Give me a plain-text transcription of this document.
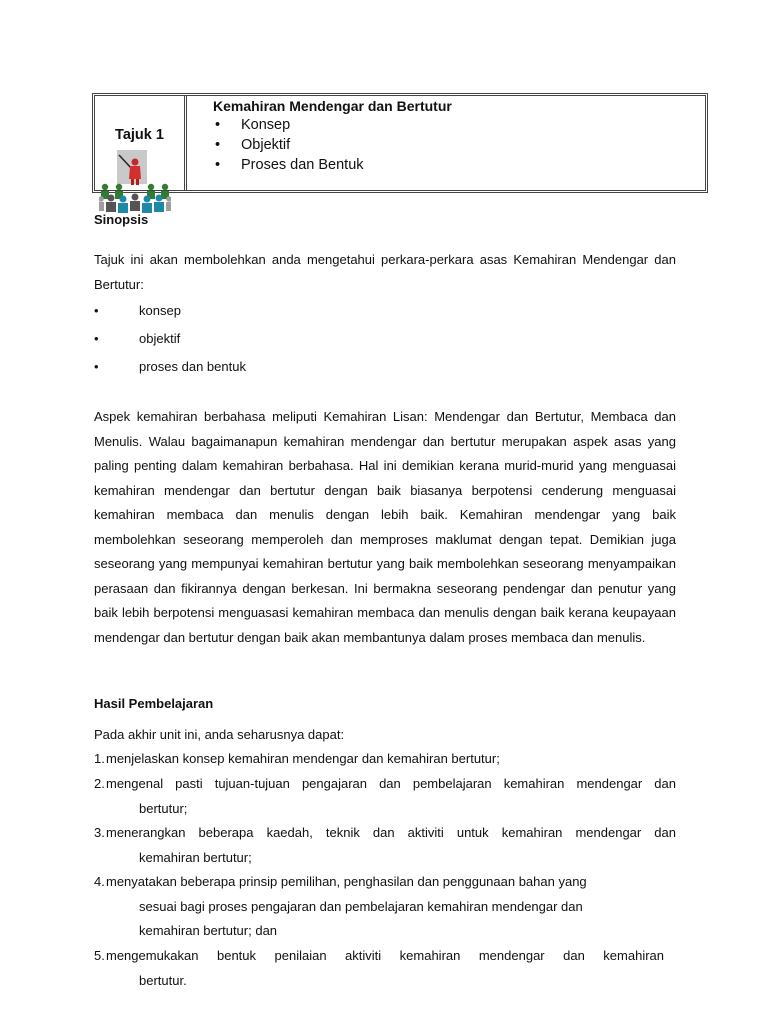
Tajuk 1
Kemahiran Mendengar dan Bertutur
• Konsep
• Objektif
• Proses dan Bentuk
Sinopsis

Tajuk ini akan membolehkan anda mengetahui perkara-perkara asas Kemahiran Mendengar dan Bertutur:

•	konsep
•	objektif
•	proses dan bentuk

Aspek kemahiran berbahasa meliputi Kemahiran Lisan: Mendengar dan Bertutur, Membaca dan Menulis. Walau bagaimanapun kemahiran mendengar dan bertutur merupakan aspek asas yang paling penting dalam kemahiran berbahasa. Hal ini demikian kerana murid-murid yang menguasai kemahiran mendengar dan bertutur dengan baik biasanya berpotensi cenderung menguasai kemahiran membaca dan menulis dengan lebih baik. Kemahiran mendengar yang baik membolehkan seseorang memperoleh dan memproses maklumat dengan tepat. Demikian juga seseorang yang mempunyai kemahiran bertutur yang baik membolehkan seseorang menyampaikan perasaan dan fikirannya dengan berkesan. Ini bermakna seseorang pendengar dan penutur yang baik lebih berpotensi menguasasi kemahiran membaca dan menulis dengan baik kerana keupayaan mendengar dan bertutur dengan baik akan membantunya dalam proses membaca dan menulis.

Hasil Pembelajaran
Pada akhir unit ini, anda seharusnya dapat:
1. menjelaskan konsep kemahiran mendengar dan kemahiran bertutur;
2. mengenal pasti tujuan-tujuan pengajaran dan pembelajaran kemahiran mendengar dan
bertutur;
3. menerangkan beberapa kaedah, teknik dan aktiviti untuk kemahiran mendengar dan
kemahiran bertutur;
4. menyatakan beberapa prinsip pemilihan, penghasilan dan penggunaan bahan yang
sesuai bagi proses pengajaran dan pembelajaran kemahiran mendengar dan
kemahiran bertutur; dan
5. mengemukakan bentuk penilaian aktiviti kemahiran mendengar dan kemahiran
bertutur.
